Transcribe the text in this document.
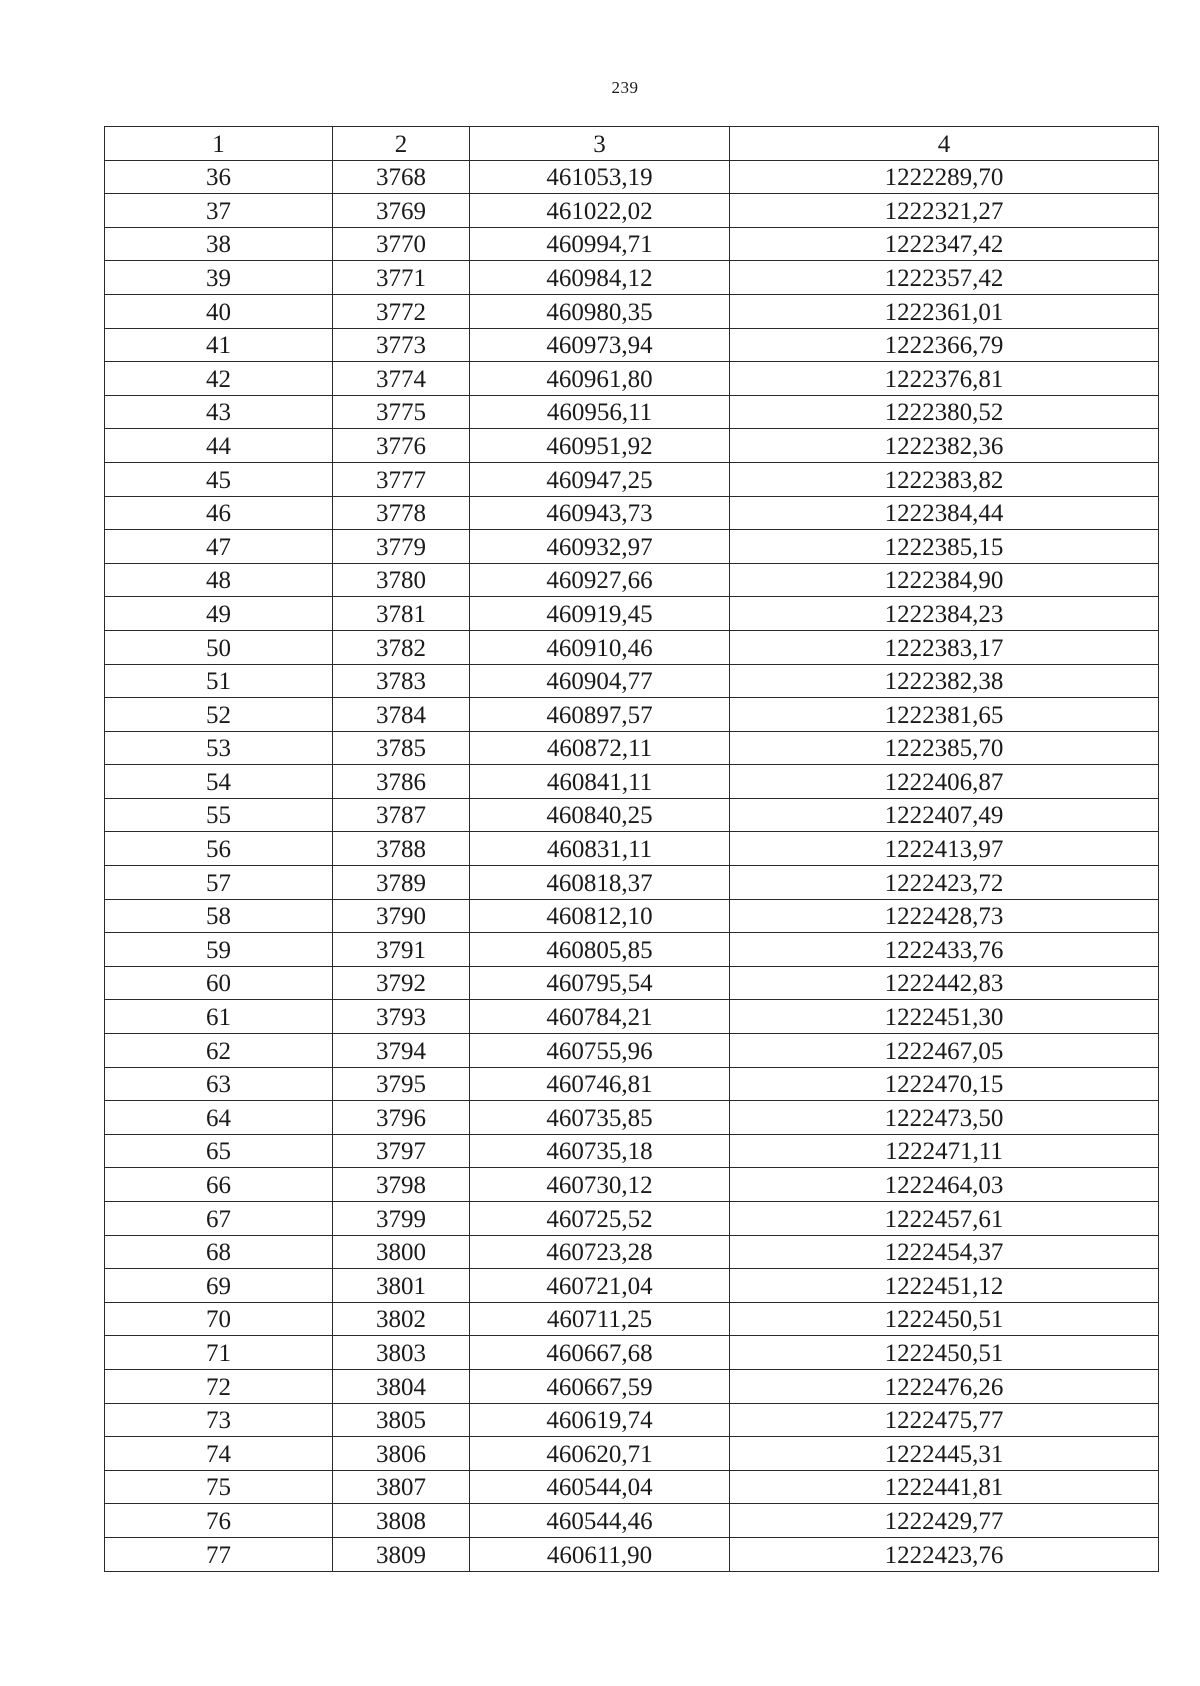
239
1	2	3	4
36	3768	461053,19	1222289,70
37	3769	461022,02	1222321,27
38	3770	460994,71	1222347,42
39	3771	460984,12	1222357,42
40	3772	460980,35	1222361,01
41	3773	460973,94	1222366,79
42	3774	460961,80	1222376,81
43	3775	460956,11	1222380,52
44	3776	460951,92	1222382,36
45	3777	460947,25	1222383,82
46	3778	460943,73	1222384,44
47	3779	460932,97	1222385,15
48	3780	460927,66	1222384,90
49	3781	460919,45	1222384,23
50	3782	460910,46	1222383,17
51	3783	460904,77	1222382,38
52	3784	460897,57	1222381,65
53	3785	460872,11	1222385,70
54	3786	460841,11	1222406,87
55	3787	460840,25	1222407,49
56	3788	460831,11	1222413,97
57	3789	460818,37	1222423,72
58	3790	460812,10	1222428,73
59	3791	460805,85	1222433,76
60	3792	460795,54	1222442,83
61	3793	460784,21	1222451,30
62	3794	460755,96	1222467,05
63	3795	460746,81	1222470,15
64	3796	460735,85	1222473,50
65	3797	460735,18	1222471,11
66	3798	460730,12	1222464,03
67	3799	460725,52	1222457,61
68	3800	460723,28	1222454,37
69	3801	460721,04	1222451,12
70	3802	460711,25	1222450,51
71	3803	460667,68	1222450,51
72	3804	460667,59	1222476,26
73	3805	460619,74	1222475,77
74	3806	460620,71	1222445,31
75	3807	460544,04	1222441,81
76	3808	460544,46	1222429,77
77	3809	460611,90	1222423,76
